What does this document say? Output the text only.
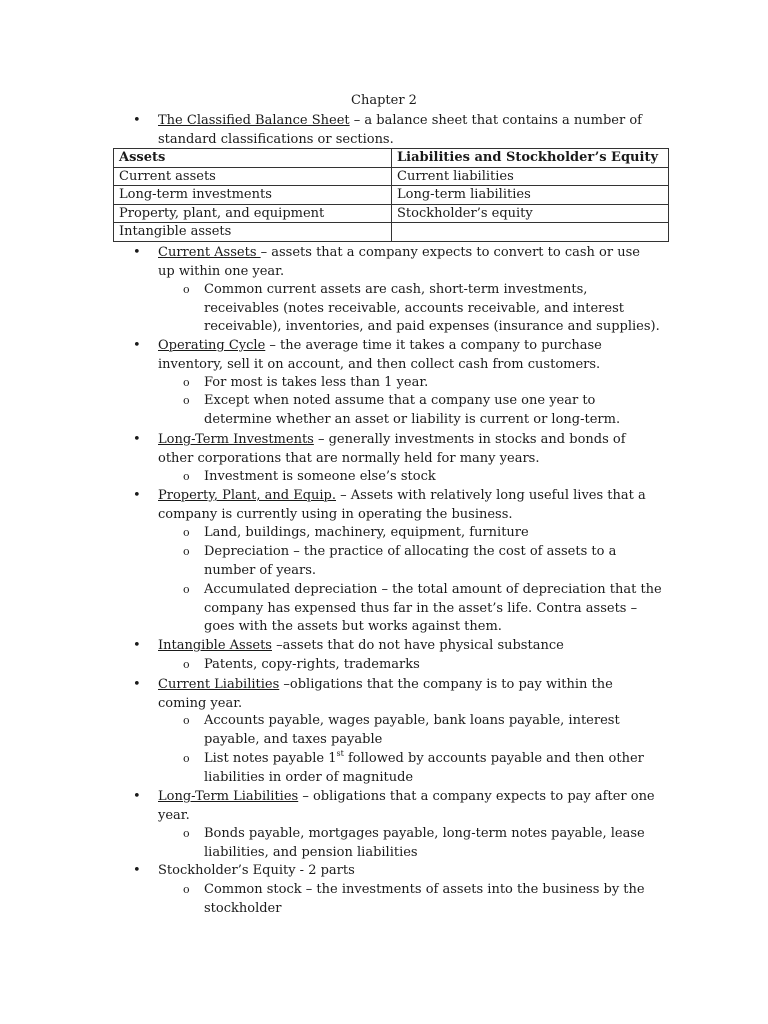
Chapter 2
• The Classified Balance Sheet – a balance sheet that contains a number of standard classifications or sections.
Assets	Liabilities and Stockholder’s Equity
Current assets	Current liabilities
Long-term investments	Long-term liabilities
Property, plant, and equipment	Stockholder’s equity
Intangible assets	
• Current Assets – assets that a company expects to convert to cash or use up within one year.
o Common current assets are cash, short-term investments, receivables (notes receivable, accounts receivable, and interest receivable), inventories, and paid expenses (insurance and supplies).
• Operating Cycle – the average time it takes a company to purchase inventory, sell it on account, and then collect cash from customers.
o For most is takes less than 1 year.
o Except when noted assume that a company use one year to determine whether an asset or liability is current or long-term.
• Long-Term Investments – generally investments in stocks and bonds of other corporations that are normally held for many years.
o Investment is someone else’s stock
• Property, Plant, and Equip. – Assets with relatively long useful lives that a company is currently using in operating the business.
o Land, buildings, machinery, equipment, furniture
o Depreciation – the practice of allocating the cost of assets to a number of years.
o Accumulated depreciation – the total amount of depreciation that the company has expensed thus far in the asset’s life. Contra assets – goes with the assets but works against them.
• Intangible Assets –assets that do not have physical substance
o Patents, copy-rights, trademarks
• Current Liabilities –obligations that the company is to pay within the coming year.
o Accounts payable, wages payable, bank loans payable, interest payable, and taxes payable
o List notes payable 1st followed by accounts payable and then other liabilities in order of magnitude
• Long-Term Liabilities – obligations that a company expects to pay after one year.
o Bonds payable, mortgages payable, long-term notes payable, lease liabilities, and pension liabilities
• Stockholder’s Equity - 2 parts
o Common stock – the investments of assets into the business by the stockholder
